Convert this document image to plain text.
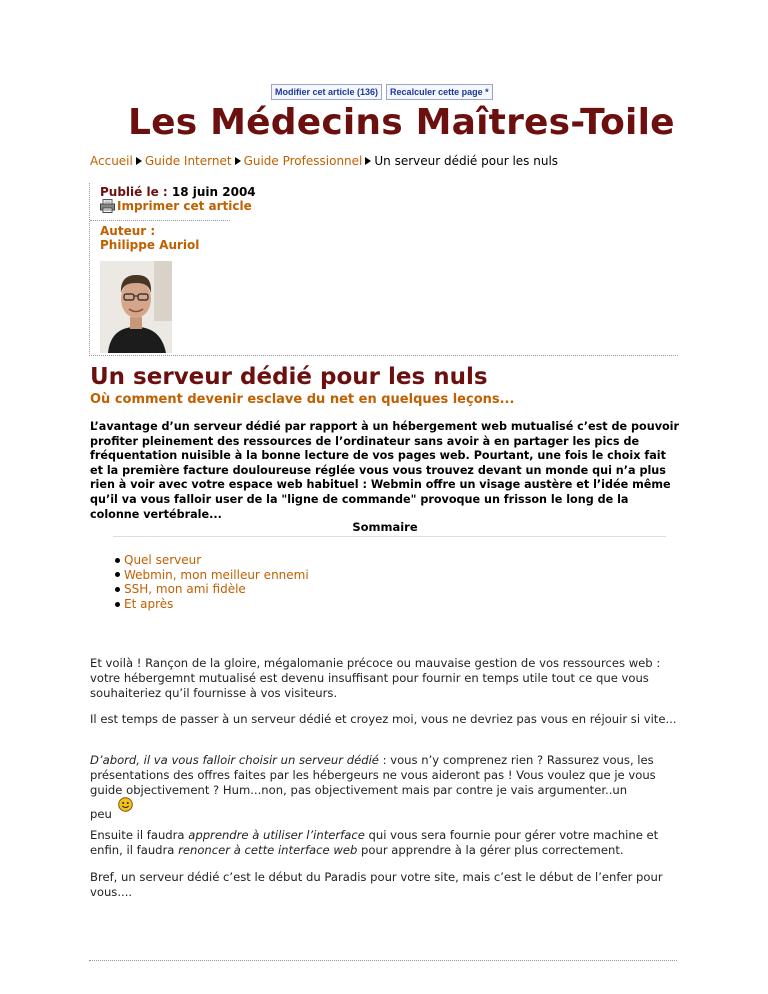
Modifier cet article (136)	Recalculer cette page *
Les Médecins Maîtres-Toile
Accueil Guide Internet Guide Professionnel Un serveur dédié pour les nuls
Publié le : 18 juin 2004
Imprimer cet article
Auteur :
Philippe Auriol
Un serveur dédié pour les nuls
Où comment devenir esclave du net en quelques leçons...

L’avantage d’un serveur dédié par rapport à un hébergement web mutualisé c’est de pouvoir profiter pleinement des ressources de l’ordinateur sans avoir à en partager les pics de fréquentation nuisible à la bonne lecture de vos pages web. Pourtant, une fois le choix fait et la première facture douloureuse réglée vous vous trouvez devant un monde qui n’a plus rien à voir avec votre espace web habituel : Webmin offre un visage austère et l’idée même qu’il va vous falloir user de la "ligne de commande" provoque un frisson le long de la colonne vertébrale...

Sommaire
Quel serveur
Webmin, mon meilleur ennemi
SSH, mon ami fidèle
Et après

Et voilà ! Rançon de la gloire, mégalomanie précoce ou mauvaise gestion de vos ressources web : votre hébergemnt mutualisé est devenu insuffisant pour fournir en temps utile tout ce que vous souhaiteriez qu’il fournisse à vos visiteurs.

Il est temps de passer à un serveur dédié et croyez moi, vous ne devriez pas vous en réjouir si vite...

D’abord, il va vous falloir choisir un serveur dédié : vous n’y comprenez rien ? Rassurez vous, les présentations des offres faites par les hébergeurs ne vous aideront pas ! Vous voulez que je vous guide objectivement ? Hum...non, pas objectivement mais par contre je vais argumenter..un
peu

Ensuite il faudra apprendre à utiliser l’interface qui vous sera fournie pour gérer votre machine et enfin, il faudra renoncer à cette interface web pour apprendre à la gérer plus correctement.

Bref, un serveur dédié c’est le début du Paradis pour votre site, mais c’est le début de l’enfer pour vous....
